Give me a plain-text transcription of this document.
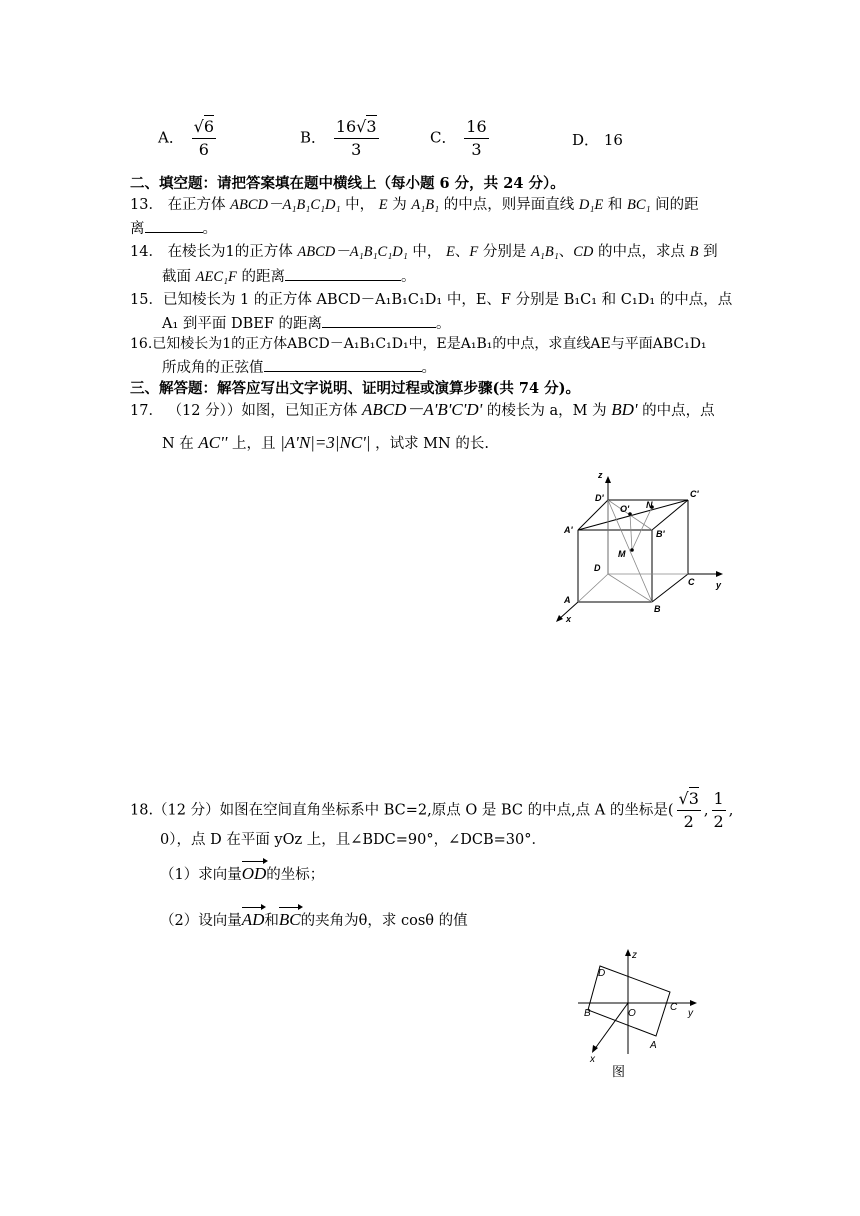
A． $\frac{√6}{6}$	B． $\frac{16√3}{3}$	C． $\frac{16}{3}$	D． 16
二、填空题：请把答案填在题中横线上（每小题 6 分，共 24 分）。
13． 在正方体 ABCD－A₁B₁C₁D₁ 中， E 为 A₁B₁ 的中点，则异面直线 D₁E 和 BC₁ 间的距
离	。
14． 在棱长为1的正方体 ABCD－A₁B₁C₁D₁ 中， E、F 分别是 A₁B₁、CD 的中点，求点 B 到
截面 AEC₁F 的距离	。
15．已知棱长为 1 的正方体 ABCD－A₁B₁C₁D₁ 中，E、F 分别是 B₁C₁ 和 C₁D₁ 的中点，点
A₁ 到平面 DBEF 的距离	。
16.已知棱长为1的正方体ABCD－A₁B₁C₁D₁中，E是A₁B₁的中点，求直线AE与平面ABC₁D₁
所成角的正弦值	。
三、解答题：解答应写出文字说明、证明过程或演算步骤(共 74 分)。
17． （12 分））如图，已知正方体 ABCD－A'B'C'D' 的棱长为 a，M 为 BD' 的中点，点
N 在 AC'' 上，且 |A'N|=3|NC'| ，试求 MN 的长.
z
y
x
D'	C'
A'	B'
O' N
M
D
C
A
B
18.（12 分）如图在空间直角坐标系中 BC=2,原点 O 是 BC 的中点,点 A 的坐标是( $\frac{√3}{2}$ , $\frac{1}{2}$ ,
0），点 D 在平面 yOz 上，且∠BDC=90°，∠DCB=30°．
（1）求向量OD的坐标；
（2）设向量AD和BC的夹角为θ，求 cosθ 的值
z
y
x
D
C
B	O
A
图
